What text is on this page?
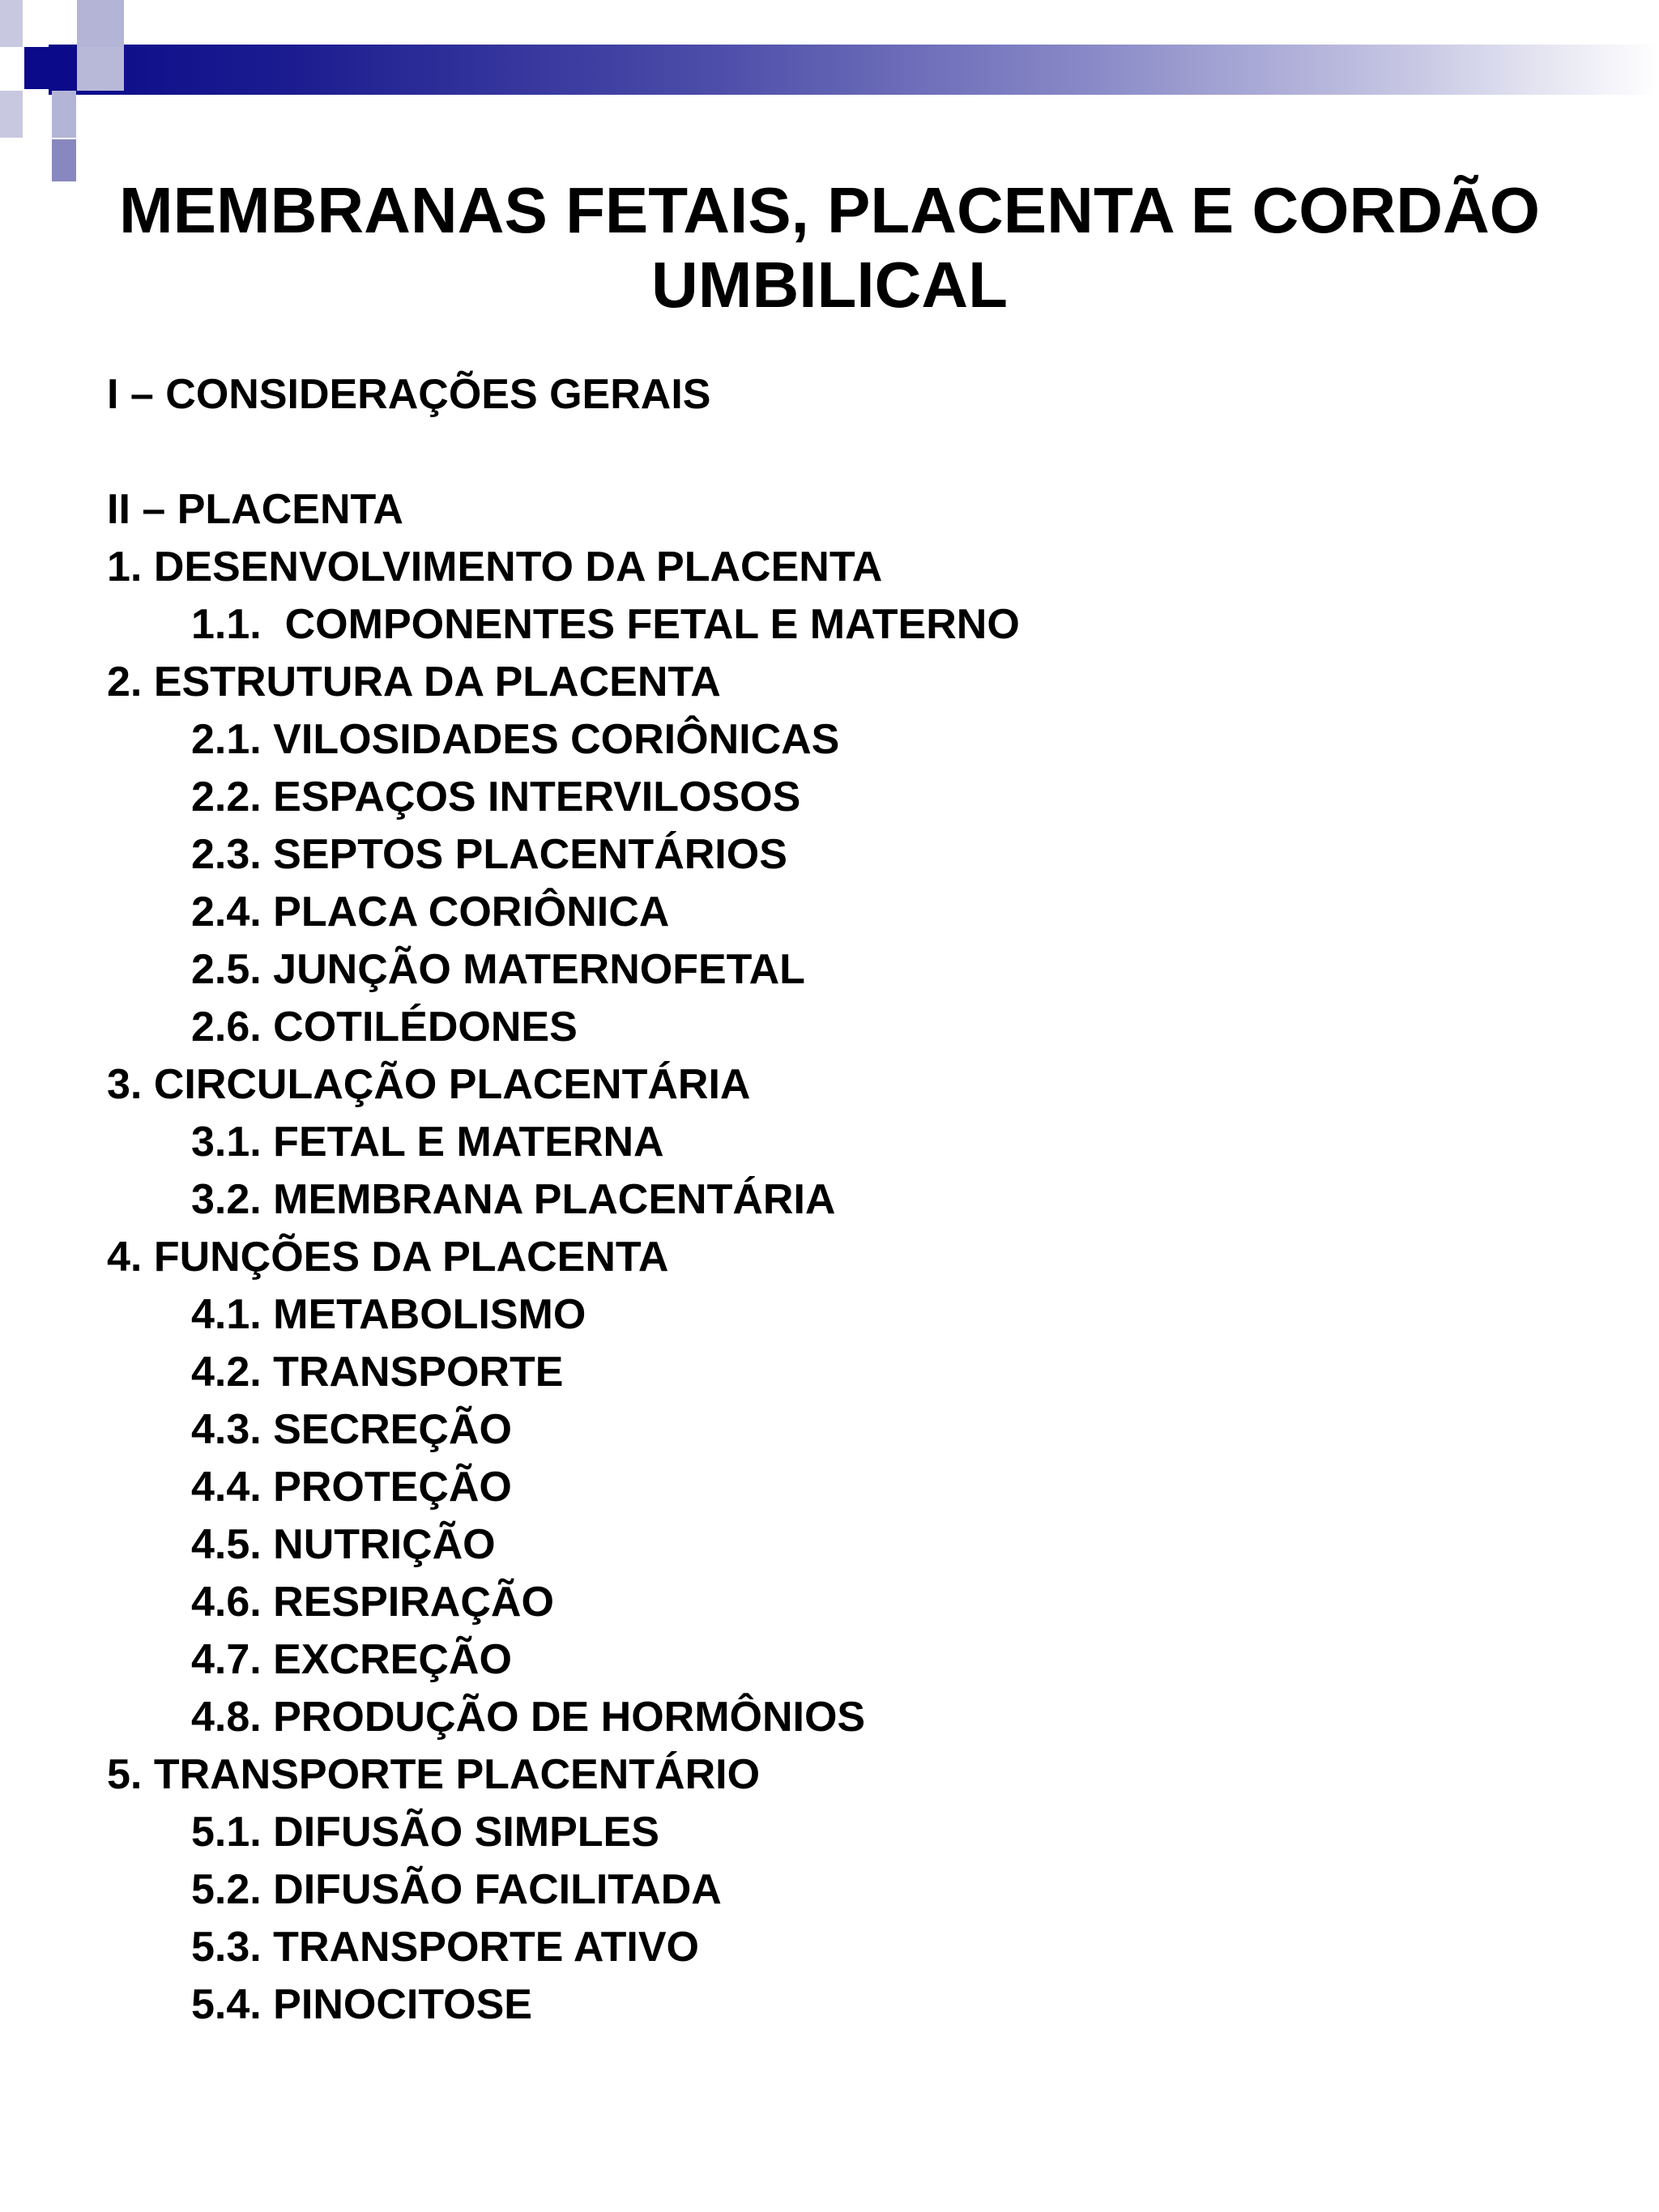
MEMBRANAS FETAIS, PLACENTA E CORDÃO
UMBILICAL
I – CONSIDERAÇÕES GERAIS
II – PLACENTA
1. DESENVOLVIMENTO DA PLACENTA
1.1.  COMPONENTES FETAL E MATERNO
2. ESTRUTURA DA PLACENTA
2.1. VILOSIDADES CORIÔNICAS
2.2. ESPAÇOS INTERVILOSOS
2.3. SEPTOS PLACENTÁRIOS
2.4. PLACA CORIÔNICA
2.5. JUNÇÃO MATERNOFETAL
2.6. COTILÉDONES
3. CIRCULAÇÃO PLACENTÁRIA
3.1. FETAL E MATERNA
3.2. MEMBRANA PLACENTÁRIA
4. FUNÇÕES DA PLACENTA
4.1. METABOLISMO
4.2. TRANSPORTE
4.3. SECREÇÃO
4.4. PROTEÇÃO
4.5. NUTRIÇÃO
4.6. RESPIRAÇÃO
4.7. EXCREÇÃO
4.8. PRODUÇÃO DE HORMÔNIOS
5. TRANSPORTE PLACENTÁRIO
5.1. DIFUSÃO SIMPLES
5.2. DIFUSÃO FACILITADA
5.3. TRANSPORTE ATIVO
5.4. PINOCITOSE
